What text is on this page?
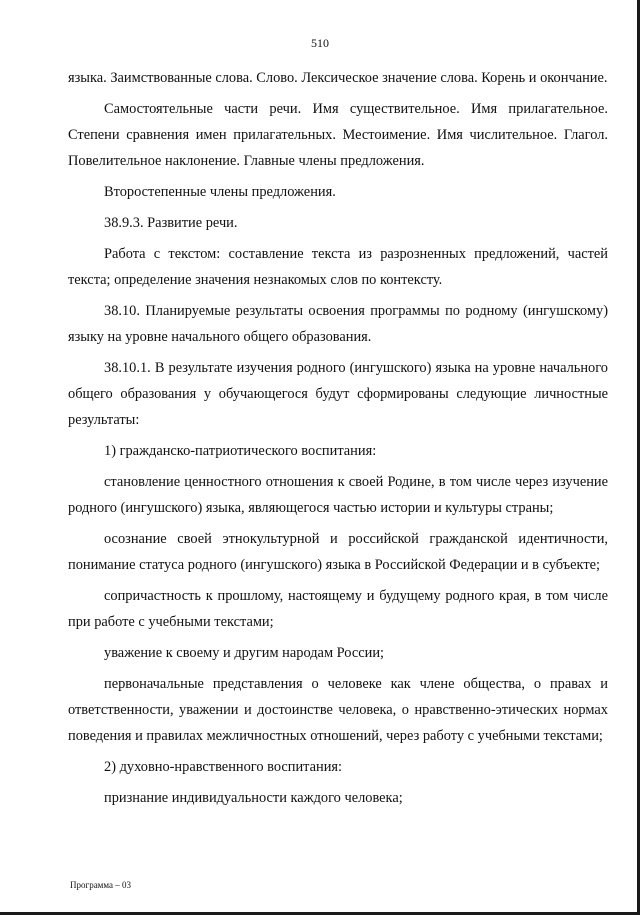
510

языка. Заимствованные слова. Слово. Лексическое значение слова. Корень и окончание.

Самостоятельные части речи. Имя существительное. Имя прилагательное. Степени сравнения имен прилагательных. Местоимение. Имя числительное. Глагол. Повелительное наклонение. Главные члены предложения.

Второстепенные члены предложения.

38.9.3. Развитие речи.

Работа с текстом: составление текста из разрозненных предложений, частей текста; определение значения незнакомых слов по контексту.

38.10. Планируемые результаты освоения программы по родному (ингушскому) языку на уровне начального общего образования.

38.10.1. В результате изучения родного (ингушского) языка на уровне начального общего образования у обучающегося будут сформированы следующие личностные результаты:

1) гражданско-патриотического воспитания:

становление ценностного отношения к своей Родине, в том числе через изучение родного (ингушского) языка, являющегося частью истории и культуры страны;

осознание своей этнокультурной и российской гражданской идентичности, понимание статуса родного (ингушского) языка в Российской Федерации и в субъекте;

сопричастность к прошлому, настоящему и будущему родного края, в том числе при работе с учебными текстами;

уважение к своему и другим народам России;

первоначальные представления о человеке как члене общества, о правах и ответственности, уважении и достоинстве человека, о нравственно-этических нормах поведения и правилах межличностных отношений, через работу с учебными текстами;

2) духовно-нравственного воспитания:

признание индивидуальности каждого человека;

Программа – 03
